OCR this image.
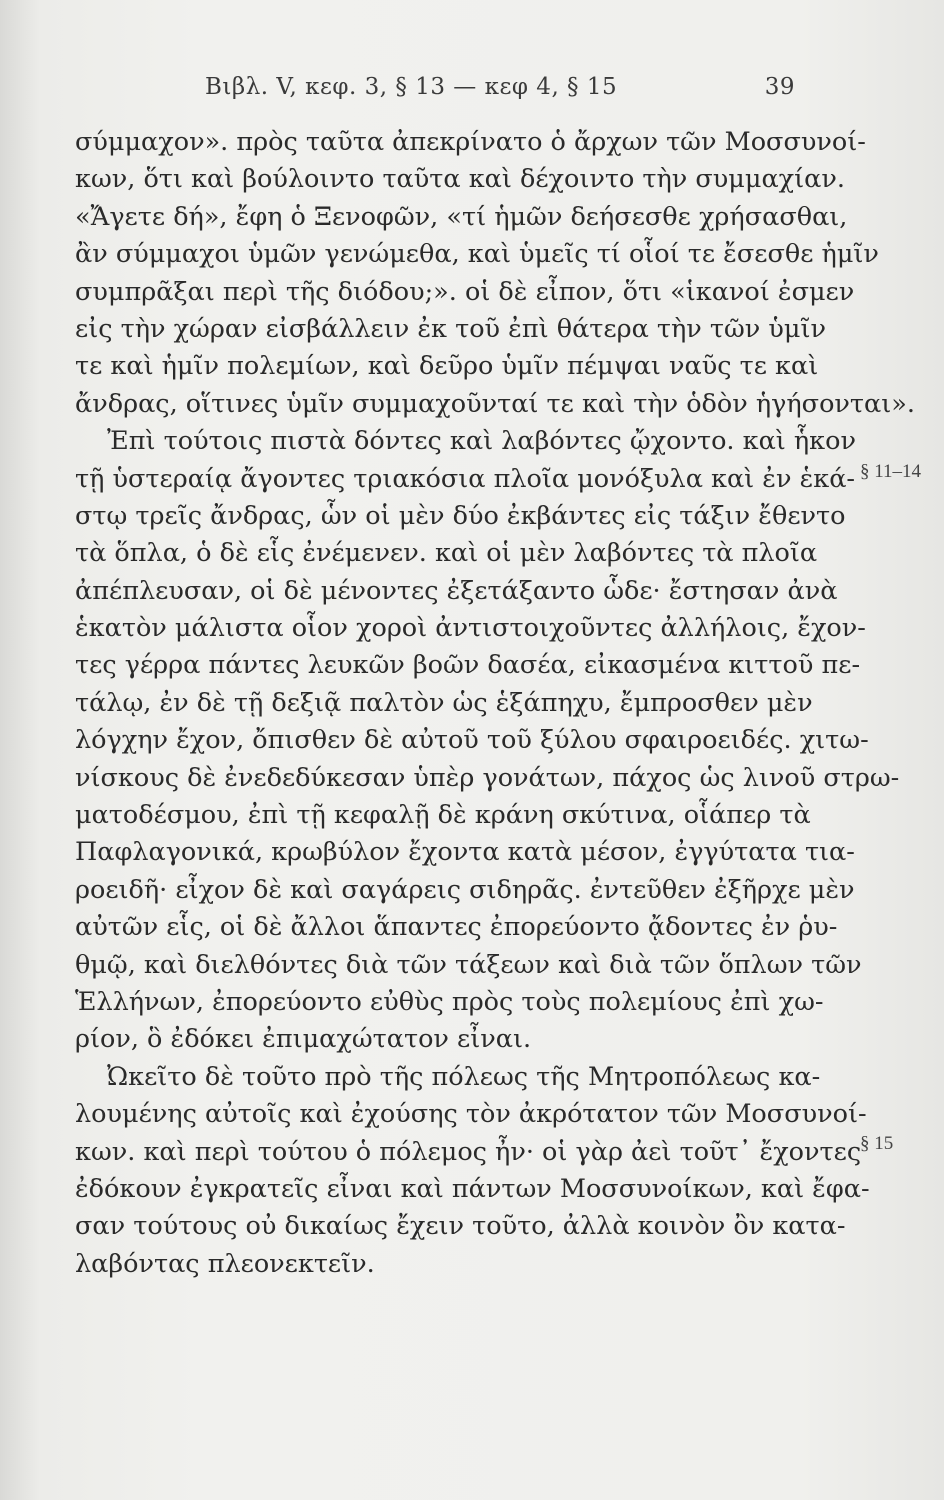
Βιβλ. V, κεφ. 3, § 13 — κεφ 4, § 15	39
σύμμαχον». πρὸς ταῦτα ἀπεκρίνατο ὁ ἄρχων τῶν Μοσσυνοί-
κων, ὅτι καὶ βούλοιντο ταῦτα καὶ δέχοιντο τὴν συμμαχίαν.
«Ἄγετε δή», ἔφη ὁ Ξενοφῶν, «τί ἡμῶν δεήσεσθε χρήσασθαι,
ἂν σύμμαχοι ὑμῶν γενώμεθα, καὶ ὑμεῖς τί οἷοί τε ἔσεσθε ἡμῖν
συμπρᾶξαι περὶ τῆς διόδου;». οἱ δὲ εἶπον, ὅτι «ἱκανοί ἐσμεν
εἰς τὴν χώραν εἰσβάλλειν ἐκ τοῦ ἐπὶ θάτερα τὴν τῶν ὑμῖν
τε καὶ ἡμῖν πολεμίων, καὶ δεῦρο ὑμῖν πέμψαι ναῦς τε καὶ
ἄνδρας, οἵτινες ὑμῖν συμμαχοῦνταί τε καὶ τὴν ὁδὸν ἡγήσονται».
Ἐπὶ τούτοις πιστὰ δόντες καὶ λαβόντες ᾤχοντο. καὶ ἧκον
τῇ ὑστεραίᾳ ἄγοντες τριακόσια πλοῖα μονόξυλα καὶ ἐν ἑκά-
στῳ τρεῖς ἄνδρας, ὧν οἱ μὲν δύο ἐκβάντες εἰς τάξιν ἔθεντο
τὰ ὅπλα, ὁ δὲ εἷς ἐνέμενεν. καὶ οἱ μὲν λαβόντες τὰ πλοῖα
ἀπέπλευσαν, οἱ δὲ μένοντες ἐξετάξαντο ὧδε· ἔστησαν ἀνὰ
ἑκατὸν μάλιστα οἷον χοροὶ ἀντιστοιχοῦντες ἀλλήλοις, ἔχον-
τες γέρρα πάντες λευκῶν βοῶν δασέα, εἰκασμένα κιττοῦ πε-
τάλῳ, ἐν δὲ τῇ δεξιᾷ παλτὸν ὡς ἑξάπηχυ, ἔμπροσθεν μὲν
λόγχην ἔχον, ὄπισθεν δὲ αὐτοῦ τοῦ ξύλου σφαιροειδές. χιτω-
νίσκους δὲ ἐνεδεδύκεσαν ὑπὲρ γονάτων, πάχος ὡς λινοῦ στρω-
ματοδέσμου, ἐπὶ τῇ κεφαλῇ δὲ κράνη σκύτινα, οἷάπερ τὰ
Παφλαγονικά, κρωβύλον ἔχοντα κατὰ μέσον, ἐγγύτατα τια-
ροειδῆ· εἶχον δὲ καὶ σαγάρεις σιδηρᾶς. ἐντεῦθεν ἐξῆρχε μὲν
αὐτῶν εἷς, οἱ δὲ ἄλλοι ἅπαντες ἐπορεύοντο ᾄδοντες ἐν ῥυ-
θμῷ, καὶ διελθόντες διὰ τῶν τάξεων καὶ διὰ τῶν ὅπλων τῶν
Ἑλλήνων, ἐπορεύοντο εὐθὺς πρὸς τοὺς πολεμίους ἐπὶ χω-
ρίον, ὃ ἐδόκει ἐπιμαχώτατον εἶναι.
Ὠκεῖτο δὲ τοῦτο πρὸ τῆς πόλεως τῆς Μητροπόλεως κα-
λουμένης αὐτοῖς καὶ ἐχούσης τὸν ἀκρότατον τῶν Μοσσυνοί-
κων. καὶ περὶ τούτου ὁ πόλεμος ἦν· οἱ γὰρ ἀεὶ τοῦτ᾽ ἔχοντες
ἐδόκουν ἐγκρατεῖς εἶναι καὶ πάντων Μοσσυνοίκων, καὶ ἔφα-
σαν τούτους οὐ δικαίως ἔχειν τοῦτο, ἀλλὰ κοινὸν ὂν κατα-
λαβόντας πλεονεκτεῖν.
§ 11–14
§ 15
